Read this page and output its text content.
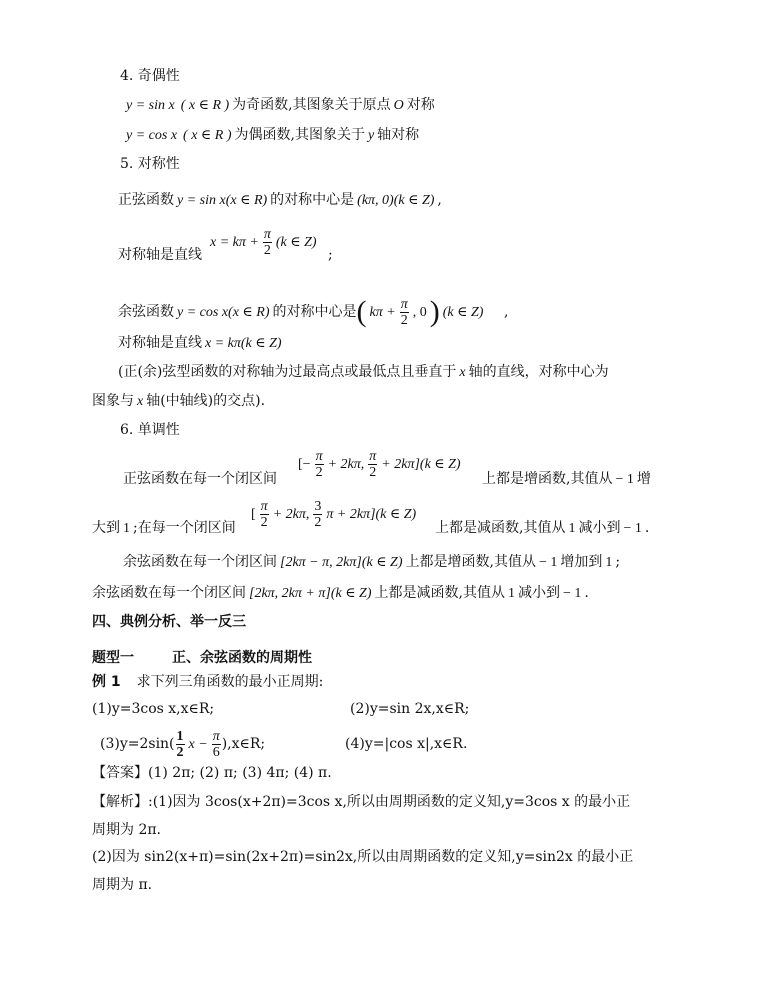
4. 奇偶性
y = sin x ( x ∈ R ) 为奇函数,其图象关于原点 O 对称
y = cos x ( x ∈ R ) 为偶函数,其图象关于 y 轴对称
5. 对称性
正弦函数 y = sin x(x ∈ R) 的对称中心是 (kπ, 0)(k ∈ Z) ,
对称轴是直线
$x = k\pi + \frac{\pi}{2} (k$ ∈ Z)
;
余弦函数 y = cos x(x ∈ R) 的对称中心是( $k\pi + \frac{\pi}{2}$ , 0 ) (k ∈ Z) ,
对称轴是直线 x = kπ(k ∈ Z)
(正(余)弦型函数的对称轴为过最高点或最低点且垂直于 x 轴的直线，对称中心为
图象与 x 轴(中轴线)的交点).
6. 单调性
正弦函数在每一个闭区间
[− $\frac{\pi}{2} + 2k\pi$, $\frac{\pi}{2} + 2k\pi](k$ ∈ Z)
上都是增函数,其值从 − 1 增
大到 1 ;在每一个闭区间
[ $\frac{\pi}{2} + 2k\pi$, $\frac{3}{2}$ π + 2kπ](k ∈ Z)
上都是减函数,其值从 1 减小到 − 1 .
余弦函数在每一个闭区间 [2kπ − π, 2kπ](k ∈ Z) 上都是增函数,其值从 − 1 增加到 1 ;
余弦函数在每一个闭区间 [2kπ, 2kπ + π](k ∈ Z) 上都是减函数,其值从 1 减小到 − 1 .
四、典例分析、举一反三
题型一	正、余弦函数的周期性
例 1 求下列三角函数的最小正周期:
(1)y=3cos x,x∈R;	(2)y=sin 2x,x∈R;
$(3)y=2\sin( \frac{1}{2}$ $x - \frac{\pi}{6}$ ),x∈R;	(4)y=|cos x|,x∈R.
【答案】(1) 2π; (2) π; (3) 4π; (4) π.
【解析】:(1)因为 3cos(x+2π)=3cos x,所以由周期函数的定义知,y=3cos x 的最小正
周期为 2π.
(2)因为 sin2(x+π)=sin(2x+2π)=sin2x,所以由周期函数的定义知,y=sin2x 的最小正
周期为 π.
